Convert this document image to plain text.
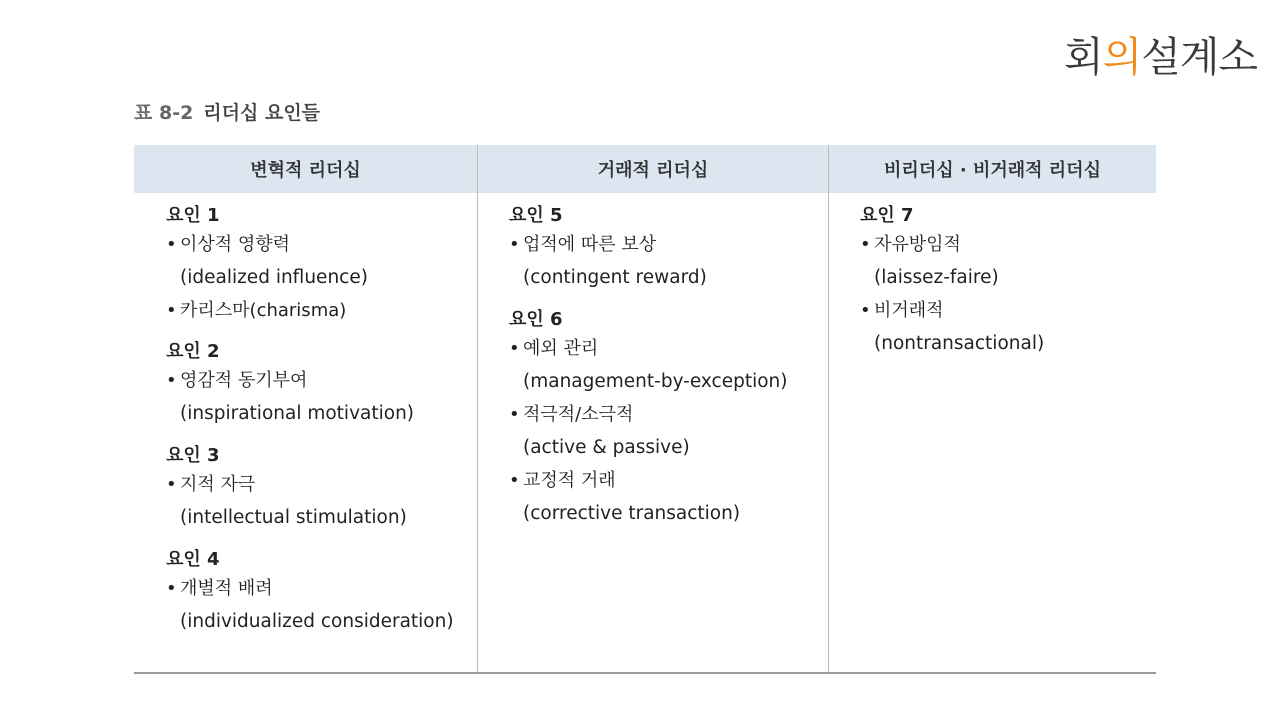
회 의 설계소
표 8-2 리더십 요인들
변혁적 리더십	거래적 리더십	비리더십 · 비거래적 리더십
요인 1
• 이상적 영향력
(idealized influence)
• 카리스마(charisma)
요인 2
• 영감적 동기부여
(inspirational motivation)
요인 3
• 지적 자극
(intellectual stimulation)
요인 4
• 개별적 배려
(individualized consideration)
요인 5
• 업적에 따른 보상
(contingent reward)
요인 6
• 예외 관리
(management-by-exception)
• 적극적/소극적
(active & passive)
• 교정적 거래
(corrective transaction)
요인 7
• 자유방임적
(laissez-faire)
• 비거래적
(nontransactional)
